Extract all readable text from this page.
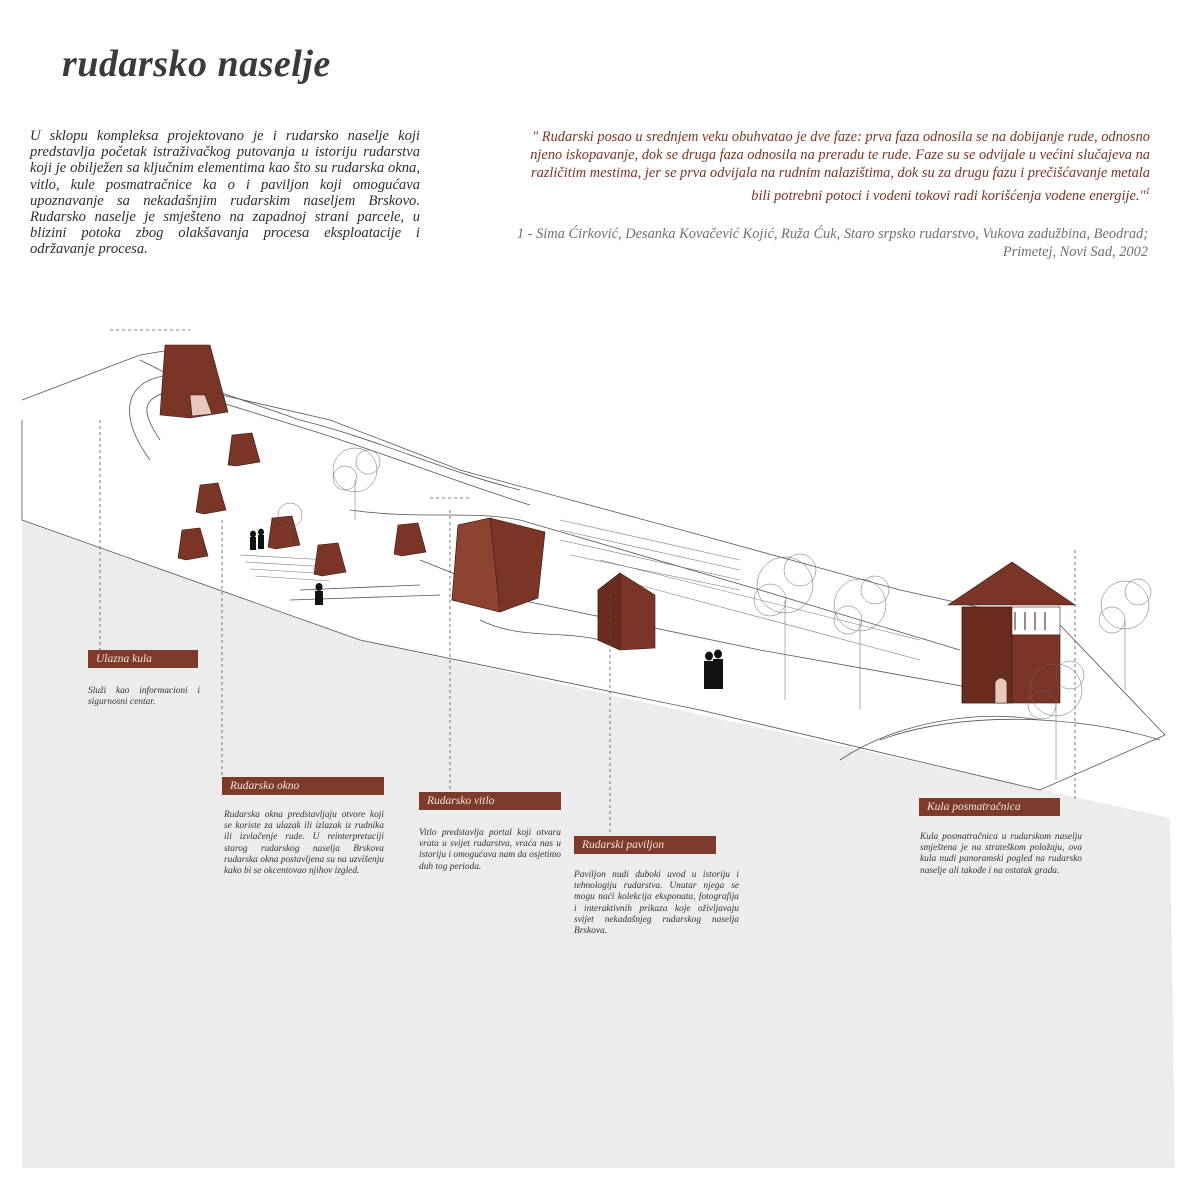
rudarsko naselje
U sklopu kompleksa projektovano je i rudarsko naselje koji predstavlja početak istraživačkog putovanja u istoriju rudarstva koji je obilježen sa ključnim elementima kao što su rudarska okna, vitlo, kule posmatračnice ka o i paviljon koji omogućava upoznavanje sa nekadašnjim rudarskim naseljem Brskovo. Rudarsko naselje je smješteno na zapadnoj strani parcele, u blizini potoka zbog olakšavanja procesa eksploatacije i održavanje procesa.
" Rudarski posao u srednjem veku obuhvatao je dve faze: prva faza odnosila se na dobijanje rude, odnosno njeno iskopavanje, dok se druga faza odnosila na preradu te rude. Faze su se odvijale u većini slučajeva na različitim mestima, jer se prva odvijala na rudnim nalazištima, dok su za drugu fazu i prečišćavanje metala bili potrebni potoci i vodeni tokovi radi korišćenja vodene energije."$^1$
1 - Sima Ćirković, Desanka Kovačević Kojić, Ruža Ćuk, Staro srpsko rudarstvo, Vukova zadužbina, Beodrad; Primetej, Novi Sad, 2002
Ulazna kula
Služi kao informacioni i sigurnosni centar.
Rudarsko okno
Rudarska okna predstavljaju otvore koji se koriste za ulazak ili izlazak iz rudnika ili izvlačenje rude. U reinterpretaciji starog rudarskog naselja Brskova rudarska okna postavljena su na uzvišenju kako bi se okcentovao njihov izgled.
Rudarsko vitlo
Vitlo predstavlja portal koji otvara vrata u svijet rudarstva, vraća nas u istoriju i omogućava nam da osjetimo duh tog perioda.
Rudarski paviljon
Paviljon nudi duboki uvod u istoriju i tehnologiju rudarstva. Unutar njega se mogu naći kolekcija eksponata, fotografija i interaktivnih prikaza koje oživljavaju svijet nekadašnjeg rudarskog naselja Brskova.
Kula posmatračnica
Kula posmatračnica u rudarskom naselju smještena je na strateškom položaju, ova kula nudi panoramski pogled na rudarsko naselje ali takođe i na ostatak grada.
